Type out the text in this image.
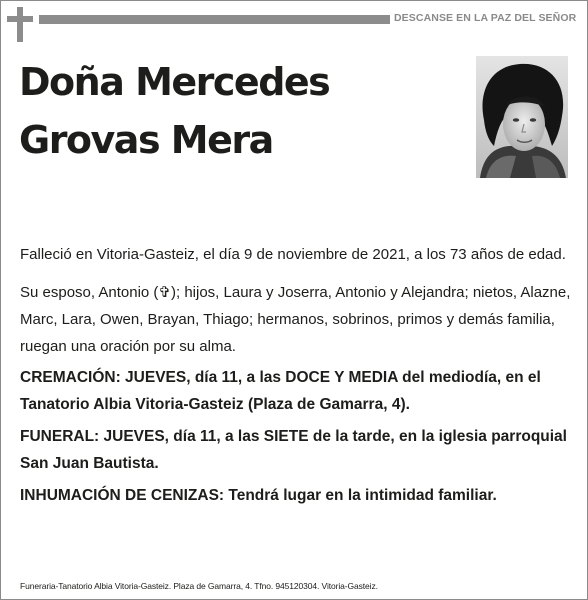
DESCANSE EN LA PAZ DEL SEÑOR
Doña Mercedes
Grovas Mera

Falleció en Vitoria-Gasteiz, el día 9 de noviembre de 2021, a los 73 años de edad.

Su esposo, Antonio (✞); hijos, Laura y Joserra, Antonio y Alejandra; nietos, Alazne, Marc, Lara, Owen, Brayan, Thiago; hermanos, sobrinos, primos y demás familia, ruegan una oración por su alma.

CREMACIÓN: JUEVES, día 11, a las DOCE Y MEDIA del mediodía, en el Tanatorio Albia Vitoria-Gasteiz (Plaza de Gamarra, 4).

FUNERAL: JUEVES, día 11, a las SIETE de la tarde, en la iglesia parroquial San Juan Bautista.

INHUMACIÓN DE CENIZAS: Tendrá lugar en la intimidad familiar.

Funeraria-Tanatorio Albia Vitoria-Gasteiz. Plaza de Gamarra, 4. Tfno. 945120304. Vitoria-Gasteiz.
